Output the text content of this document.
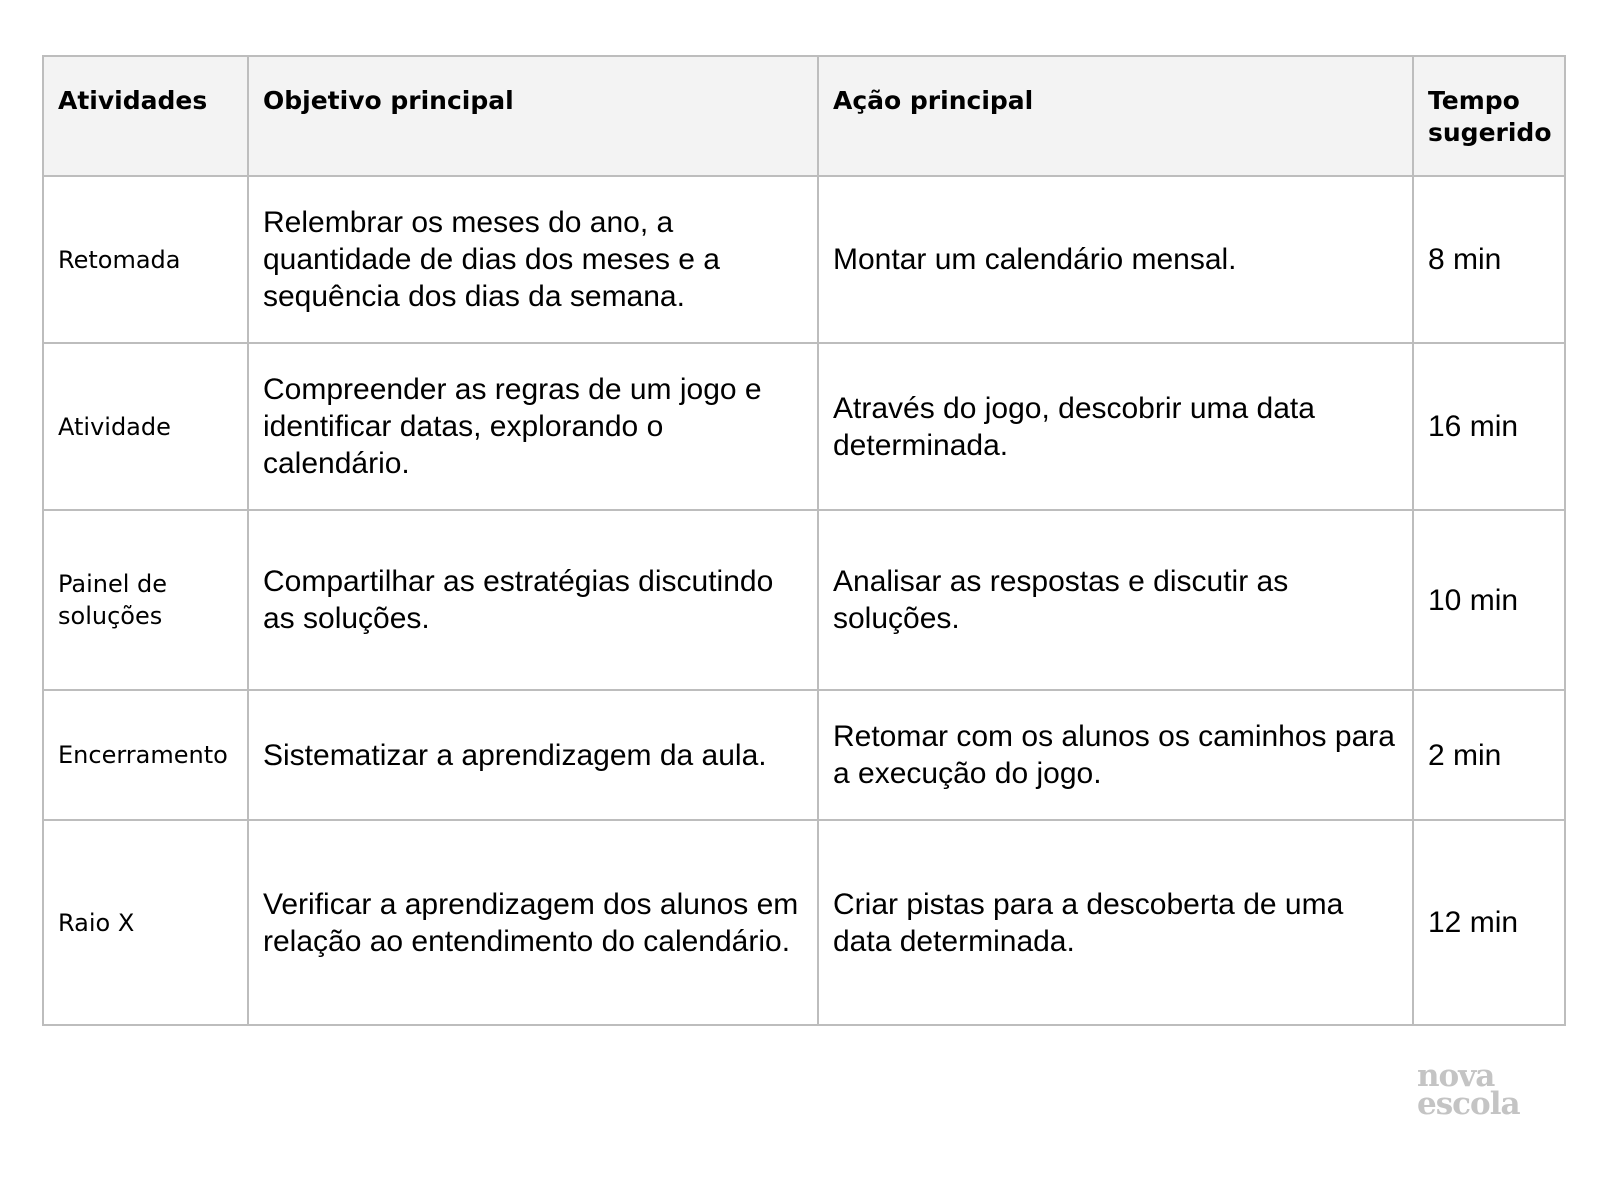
Atividades	Objetivo principal	Ação principal	Tempo sugerido
Retomada	Relembrar os meses do ano, a quantidade de dias dos meses e a sequência dos dias da semana.	Montar um calendário mensal.	8 min
Atividade	Compreender as regras de um jogo e identificar datas, explorando o calendário.	Através do jogo, descobrir uma data determinada.	16 min
Painel de soluções	Compartilhar as estratégias discutindo as soluções.	Analisar as respostas e discutir as soluções.	10 min
Encerramento	Sistematizar a aprendizagem da aula.	Retomar com os alunos os caminhos para a execução do jogo.	2 min
Raio X	Verificar a aprendizagem dos alunos em relação ao entendimento do calendário.	Criar pistas para a descoberta de uma data determinada.	12 min
nova
escola
